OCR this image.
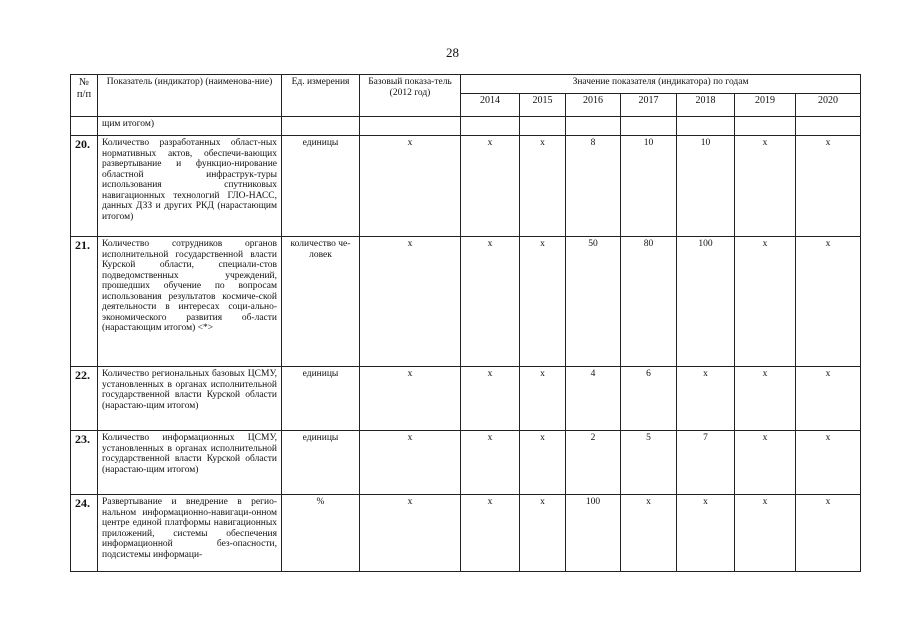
28
№ п/п	Показатель (индикатор) (наименова-ние)	Ед. измерения	Базовый показа-тель (2012 год)	Значение показателя (индикатора) по годам						
				2014	2015	2016	2017	2018	2019	2020
	щим итогом)									
20.	Количество разработанных област-ных нормативных актов, обеспечи-вающих развертывание и функцио-нирование областной инфраструк-туры использования спутниковых навигационных технологий ГЛО-НАСС, данных ДЗЗ и других РКД (нарастающим итогом)	единицы	x	x	x	8	10	10	x	x
21.	Количество сотрудников органов исполнительной государственной власти Курской области, специали-стов подведомственных учреждений, прошедших обучение по вопросам использования результатов космиче-ской деятельности в интересах соци-ально-экономического развития об-ласти (нарастающим итогом) <*>	количество че-ловек	x	x	x	50	80	100	x	x
22.	Количество региональных базовых ЦСМУ, установленных в органах исполнительной государственной власти Курской области (нарастаю-щим итогом)	единицы	x	x	x	4	6	x	x	x
23.	Количество информационных ЦСМУ, установленных в органах исполнительной государственной власти Курской области (нарастаю-щим итогом)	единицы	x	x	x	2	5	7	x	x
24.	Развертывание и внедрение в регио-нальном информационно-навигаци-онном центре единой платформы навигационных приложений, системы обеспечения информационной без-опасности, подсистемы информаци-	%	x	x	x	100	x	x	x	x
